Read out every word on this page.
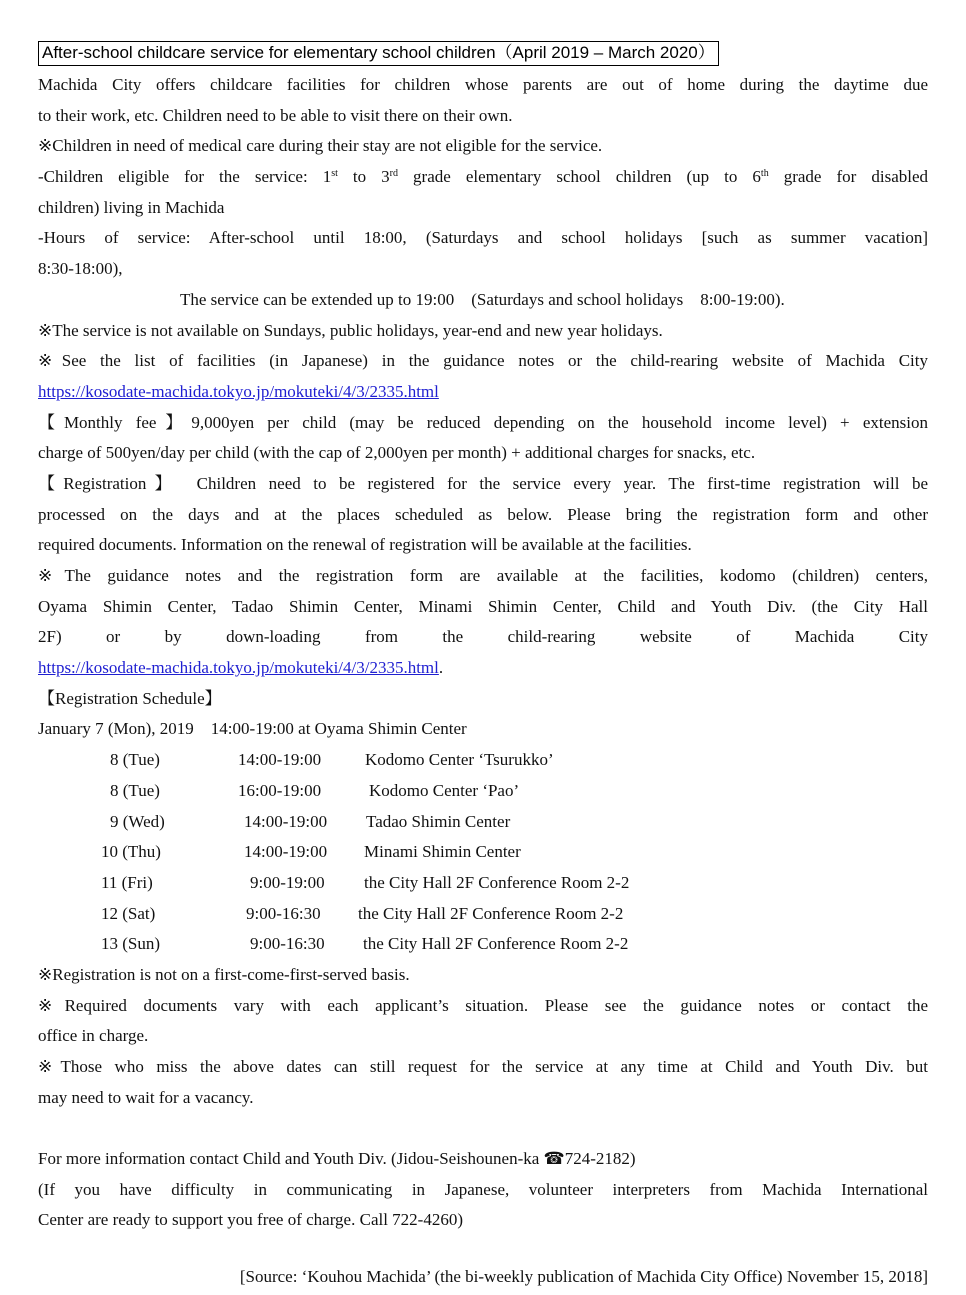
After-school childcare service for elementary school children（April 2019 – March 2020）
Machida City offers childcare facilities for children whose parents are out of home during the daytime due
to their work, etc. Children need to be able to visit there on their own.
※Children in need of medical care during their stay are not eligible for the service.
-Children eligible for the service: 1st to 3rd grade elementary school children (up to 6th grade for disabled
children) living in Machida
-Hours of service: After-school until 18:00, (Saturdays and school holidays [such as summer vacation]
8:30-18:00),
The service can be extended up to 19:00　(Saturdays and school holidays　8:00-19:00).
※The service is not available on Sundays, public holidays, year-end and new year holidays.
※See the list of facilities (in Japanese) in the guidance notes or the child-rearing website of Machida City
https://kosodate-machida.tokyo.jp/mokuteki/4/3/2335.html
【Monthly fee】9,000yen per child (may be reduced depending on the household income level) + extension
charge of 500yen/day per child (with the cap of 2,000yen per month) + additional charges for snacks, etc.
【Registration】　Children need to be registered for the service every year. The first-time registration will be
processed on the days and at the places scheduled as below. Please bring the registration form and other
required documents. Information on the renewal of registration will be available at the facilities.
※The guidance notes and the registration form are available at the facilities, kodomo (children) centers,
Oyama Shimin Center, Tadao Shimin Center, Minami Shimin Center, Child and Youth Div. (the City Hall
2F)　or　by　down-loading　from　the　child-rearing　website　of　Machida　City
https://kosodate-machida.tokyo.jp/mokuteki/4/3/2335.html.
【Registration Schedule】
January 7 (Mon), 2019　14:00-19:00 at Oyama Shimin Center
8 (Tue)	14:00-19:00	Kodomo Center ‘Tsurukko’
8 (Tue)	16:00-19:00	Kodomo Center ‘Pao’
9 (Wed)	14:00-19:00 Tadao Shimin Center
10 (Thu)	14:00-19:00 Minami Shimin Center
11 (Fri)	9:00-19:00 the City Hall 2F Conference Room 2-2
12 (Sat)	9:00-16:30 the City Hall 2F Conference Room 2-2
13 (Sun)	9:00-16:30 the City Hall 2F Conference Room 2-2
※Registration is not on a first-come-first-served basis.
※Required documents vary with each applicant’s situation. Please see the guidance notes or contact the
office in charge.
※Those who miss the above dates can still request for the service at any time at Child and Youth Div. but
may need to wait for a vacancy.
For more information contact Child and Youth Div. (Jidou-Seishounen-ka ☎724-2182)
(If you have difficulty in communicating in Japanese, volunteer interpreters from Machida International
Center are ready to support you free of charge. Call 722-4260)
[Source: ‘Kouhou Machida’ (the bi-weekly publication of Machida City Office) November 15, 2018]
